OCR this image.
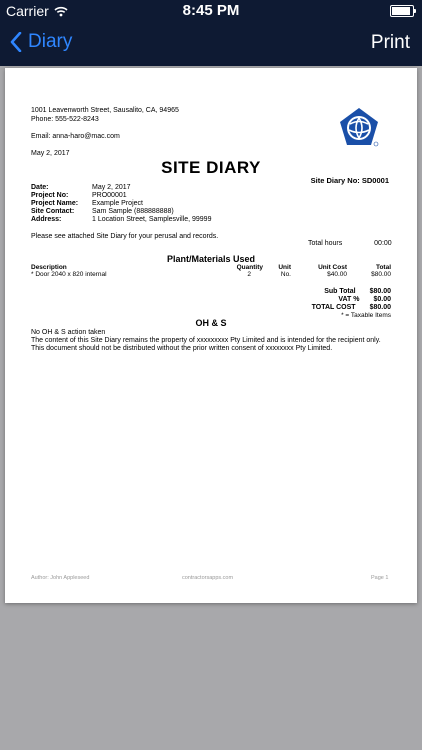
Carrier	8:45 PM
Diary	Print
1001 Leavenworth Street, Sausalito, CA, 94965
Phone: 555-522-8243
Email: anna-haro@mac.com
May 2, 2017
SITE DIARY
Site Diary No: SD0001
Date:	May 2, 2017
Project No:	PRO00001
Project Name:	Example Project
Site Contact:	Sam Sample (888888888)
Address:	1 Location Street, Samplesville, 99999
Please see attached Site Diary for your perusal and records.
Total hours	00:00
Plant/Materials Used
Description	Quantity	Unit	Unit Cost	Total
* Door 2040 x 820 internal	2	No.	$40.00	$80.00
Sub Total	$80.00
VAT %	$0.00
TOTAL COST	$80.00
* = Taxable Items
OH & S
No OH & S action taken
The content of this Site Diary remains the property of xxxxxxxxx Pty Limited and is intended for the recipient only. This document should not be distributed without the prior written consent of xxxxxxxx Pty Limited.
Author: John Appleseed	contractorsapps.com	Page 1
